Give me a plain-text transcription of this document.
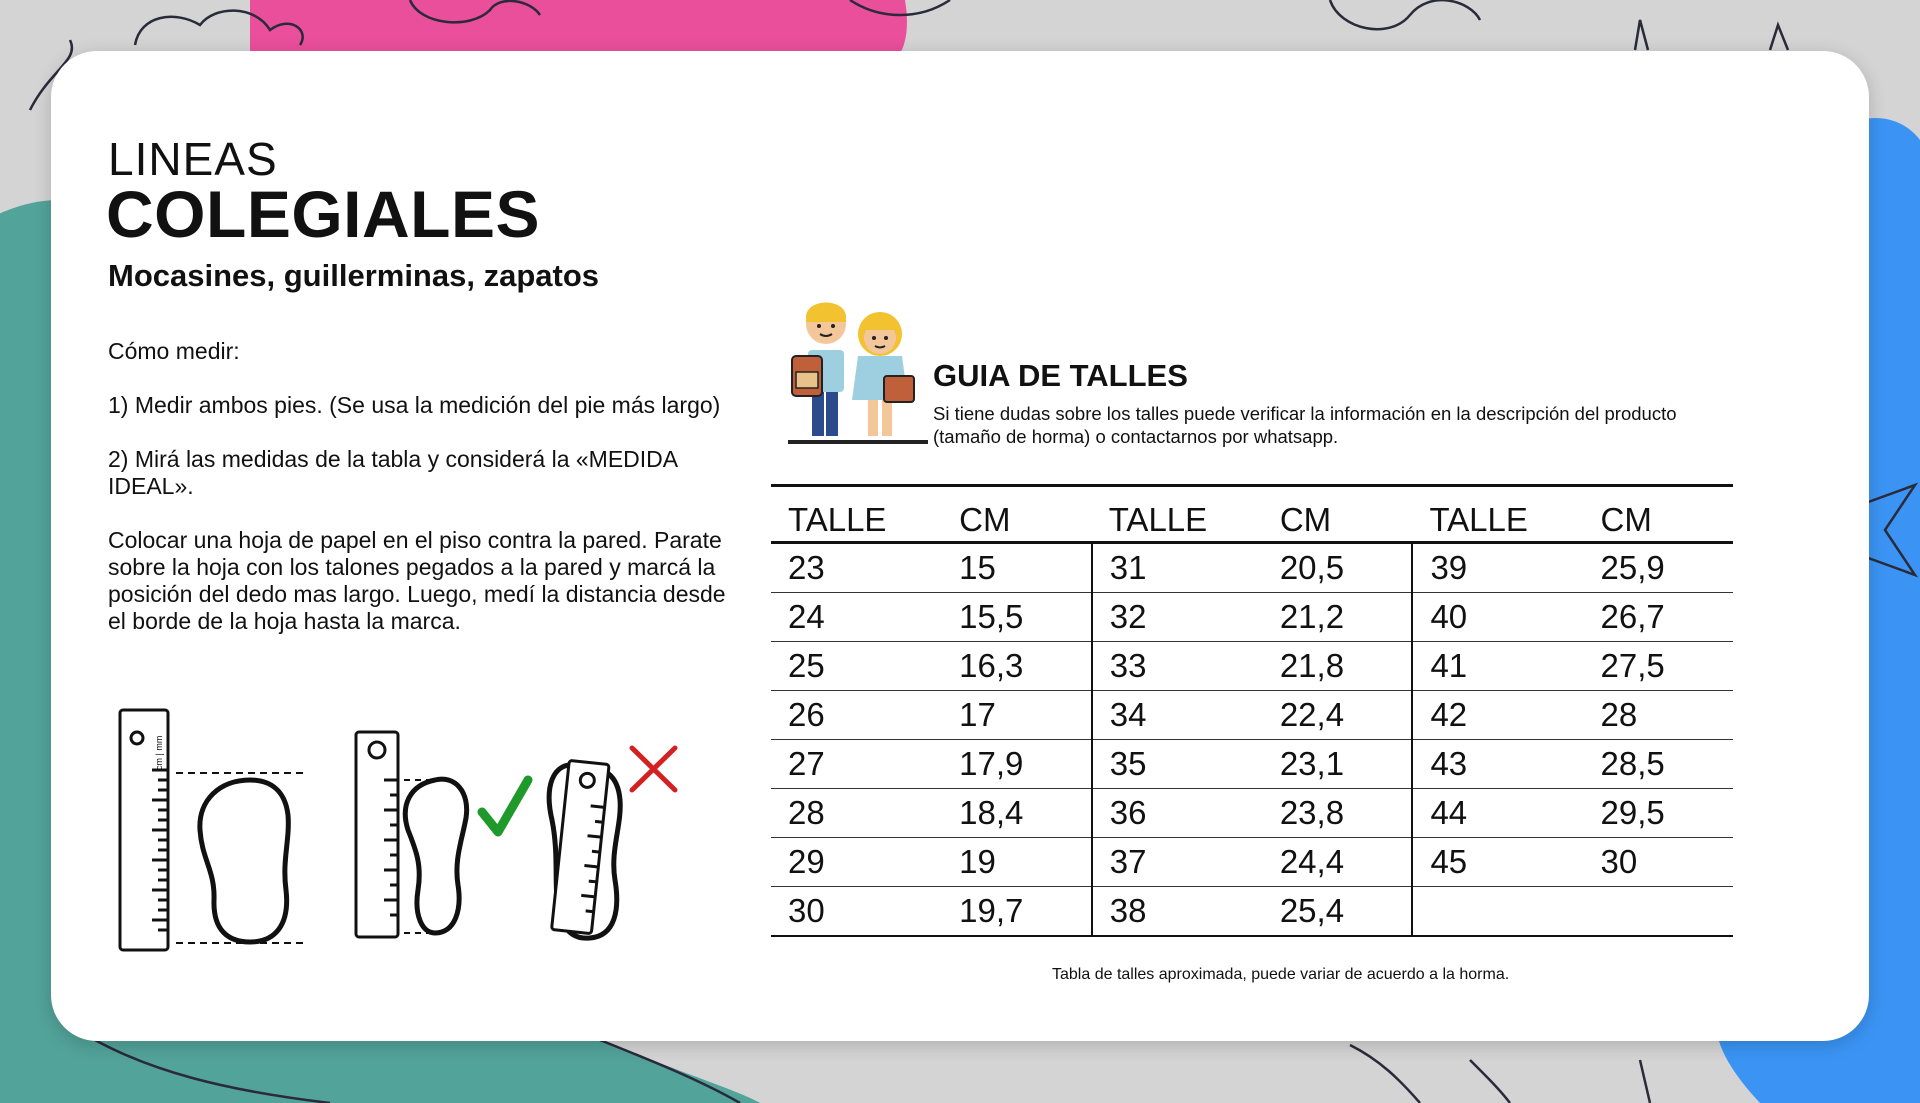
LINEAS
COLEGIALES
Mocasines, guillerminas, zapatos

Cómo medir:

1) Medir ambos pies. (Se usa la medición del pie más largo)

2) Mirá las medidas de la tabla y considerá la «MEDIDA IDEAL».

Colocar una hoja de papel en el piso contra la pared. Parate sobre la hoja con los talones pegados a la pared y marcá la posición del dedo mas largo. Luego, medí la distancia desde el borde de la hoja hasta la marca.

cm | mm
GUIA DE TALLES
Si tiene dudas sobre los talles puede verificar la información en la descripción del producto (tamaño de horma) o contactarnos por whatsapp.
TALLE	CM	TALLE	CM	TALLE	CM
23	15	31	20,5	39	25,9
24	15,5	32	21,2	40	26,7
25	16,3	33	21,8	41	27,5
26	17	34	22,4	42	28
27	17,9	35	23,1	43	28,5
28	18,4	36	23,8	44	29,5
29	19	37	24,4	45	30
30	19,7	38	25,4		
Tabla de talles aproximada, puede variar de acuerdo a la horma.
